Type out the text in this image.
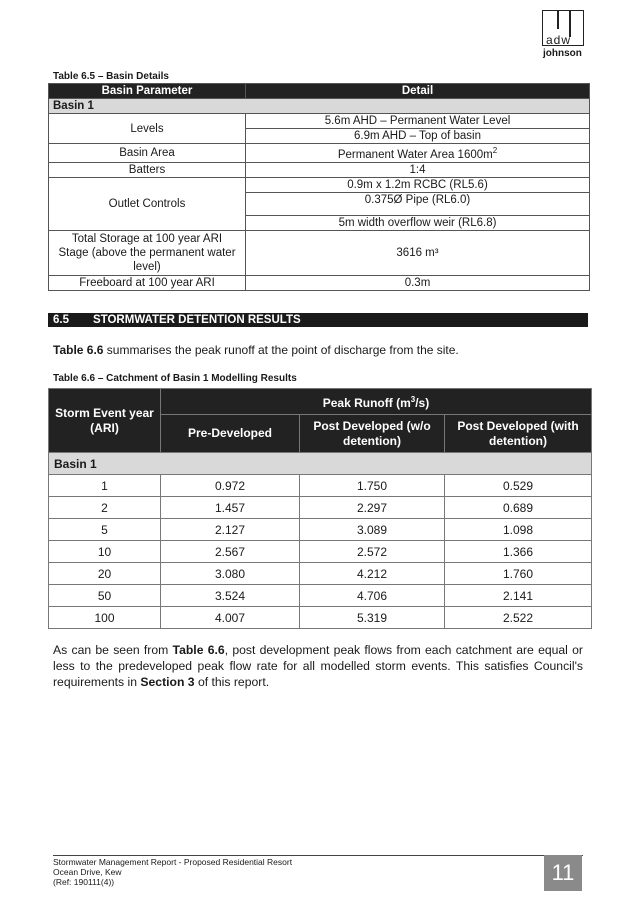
adw
johnson
Table 6.5 – Basin Details
Basin Parameter	Detail
Basin 1	
Levels	5.6m AHD – Permanent Water Level
	6.9m AHD – Top of basin
Basin Area	Permanent Water Area $1600m^2$
Batters	1:4
Outlet Controls	0.9m x 1.2m RCBC (RL5.6)
	0.375Ø Pipe (RL6.0)
	5m width overflow weir (RL6.8)
Total Storage at 100 year ARI Stage (above the permanent water level)	3616 m³
Freeboard at 100 year ARI	0.3m
6.5 STORMWATER DETENTION RESULTS
Table 6.6 summarises the peak runoff at the point of discharge from the site.
Table 6.6 – Catchment of Basin 1 Modelling Results
Storm Event year (ARI)	Peak Runoff $(m^3/s)$		
	Pre-Developed	Post Developed (w/o detention)	Post Developed (with detention)
Basin 1			
1	0.972	1.750	0.529
2	1.457	2.297	0.689
5	2.127	3.089	1.098
10	2.567	2.572	1.366
20	3.080	4.212	1.760
50	3.524	4.706	2.141
100	4.007	5.319	2.522
As can be seen from Table 6.6, post development peak flows from each catchment are equal or less to the predeveloped peak flow rate for all modelled storm events. This satisfies Council's requirements in Section 3 of this report.
Stormwater Management Report - Proposed Residential Resort
Ocean Drive, Kew
(Ref: 190111(4))	11
